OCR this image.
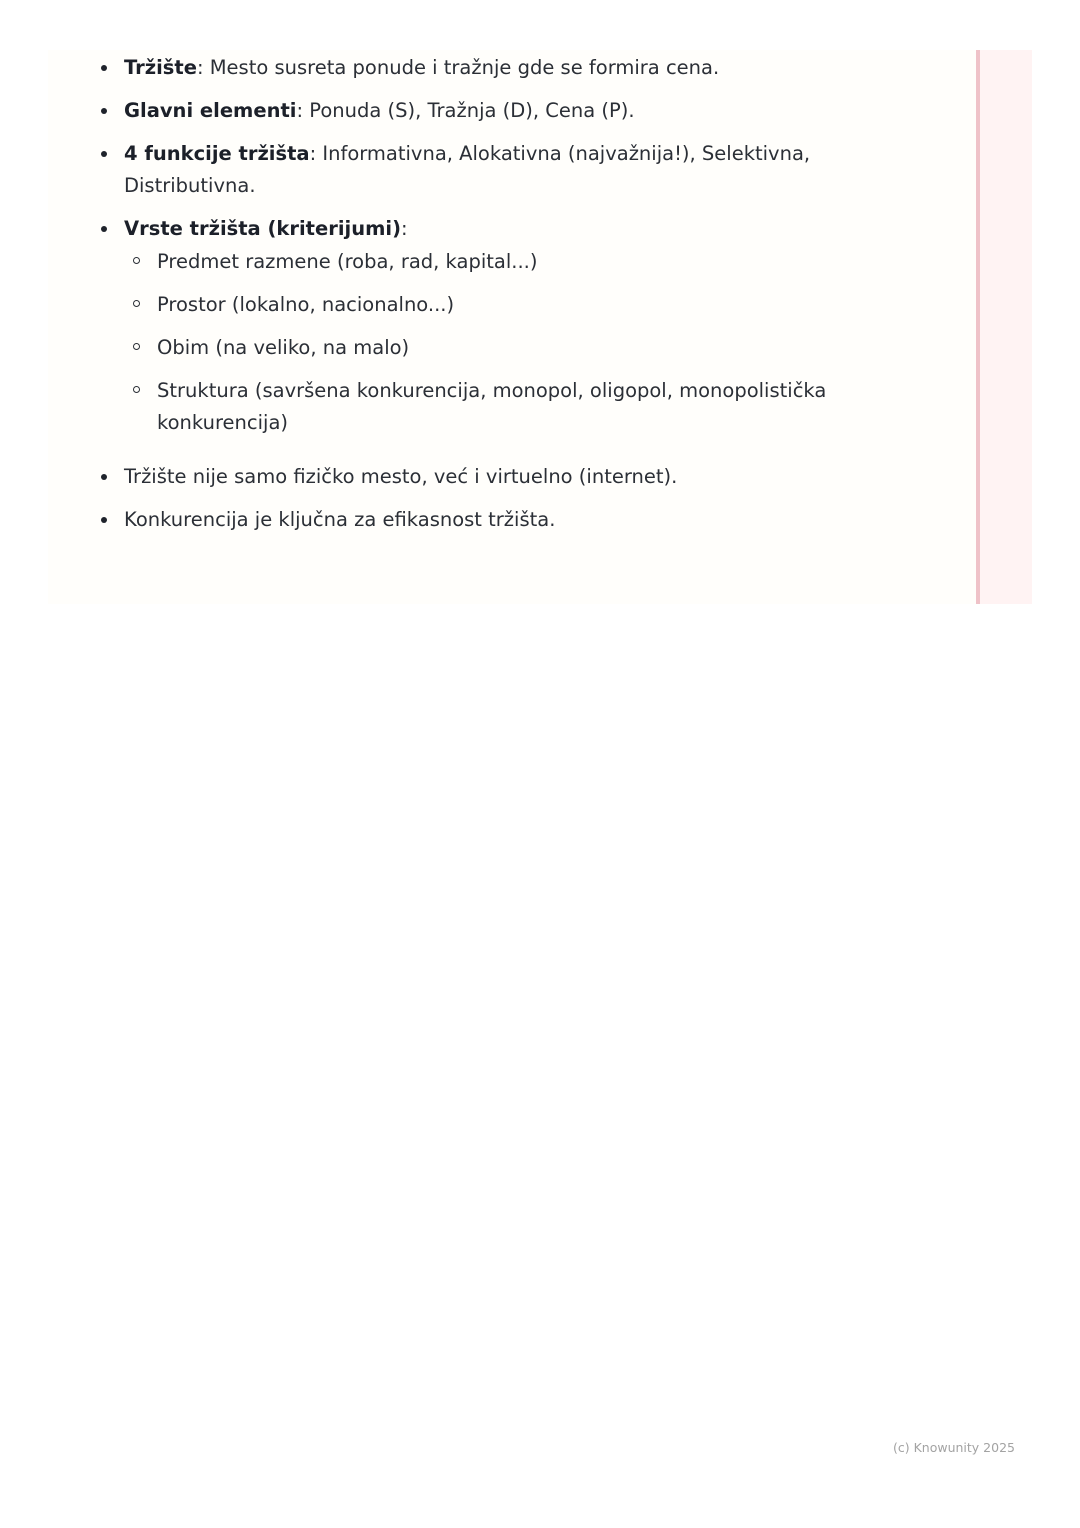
Tržište: Mesto susreta ponude i tražnje gde se formira cena.
Glavni elementi: Ponuda (S), Tražnja (D), Cena (P).
4 funkcije tržišta: Informativna, Alokativna (najvažnija!), Selektivna, Distributivna.
Vrste tržišta (kriterijumi):
Predmet razmene (roba, rad, kapital...)
Prostor (lokalno, nacionalno...)
Obim (na veliko, na malo)
Struktura (savršena konkurencija, monopol, oligopol, monopolistička konkurencija)
Tržište nije samo fizičko mesto, već i virtuelno (internet).
Konkurencija je ključna za efikasnost tržišta.
(c) Knowunity 2025
